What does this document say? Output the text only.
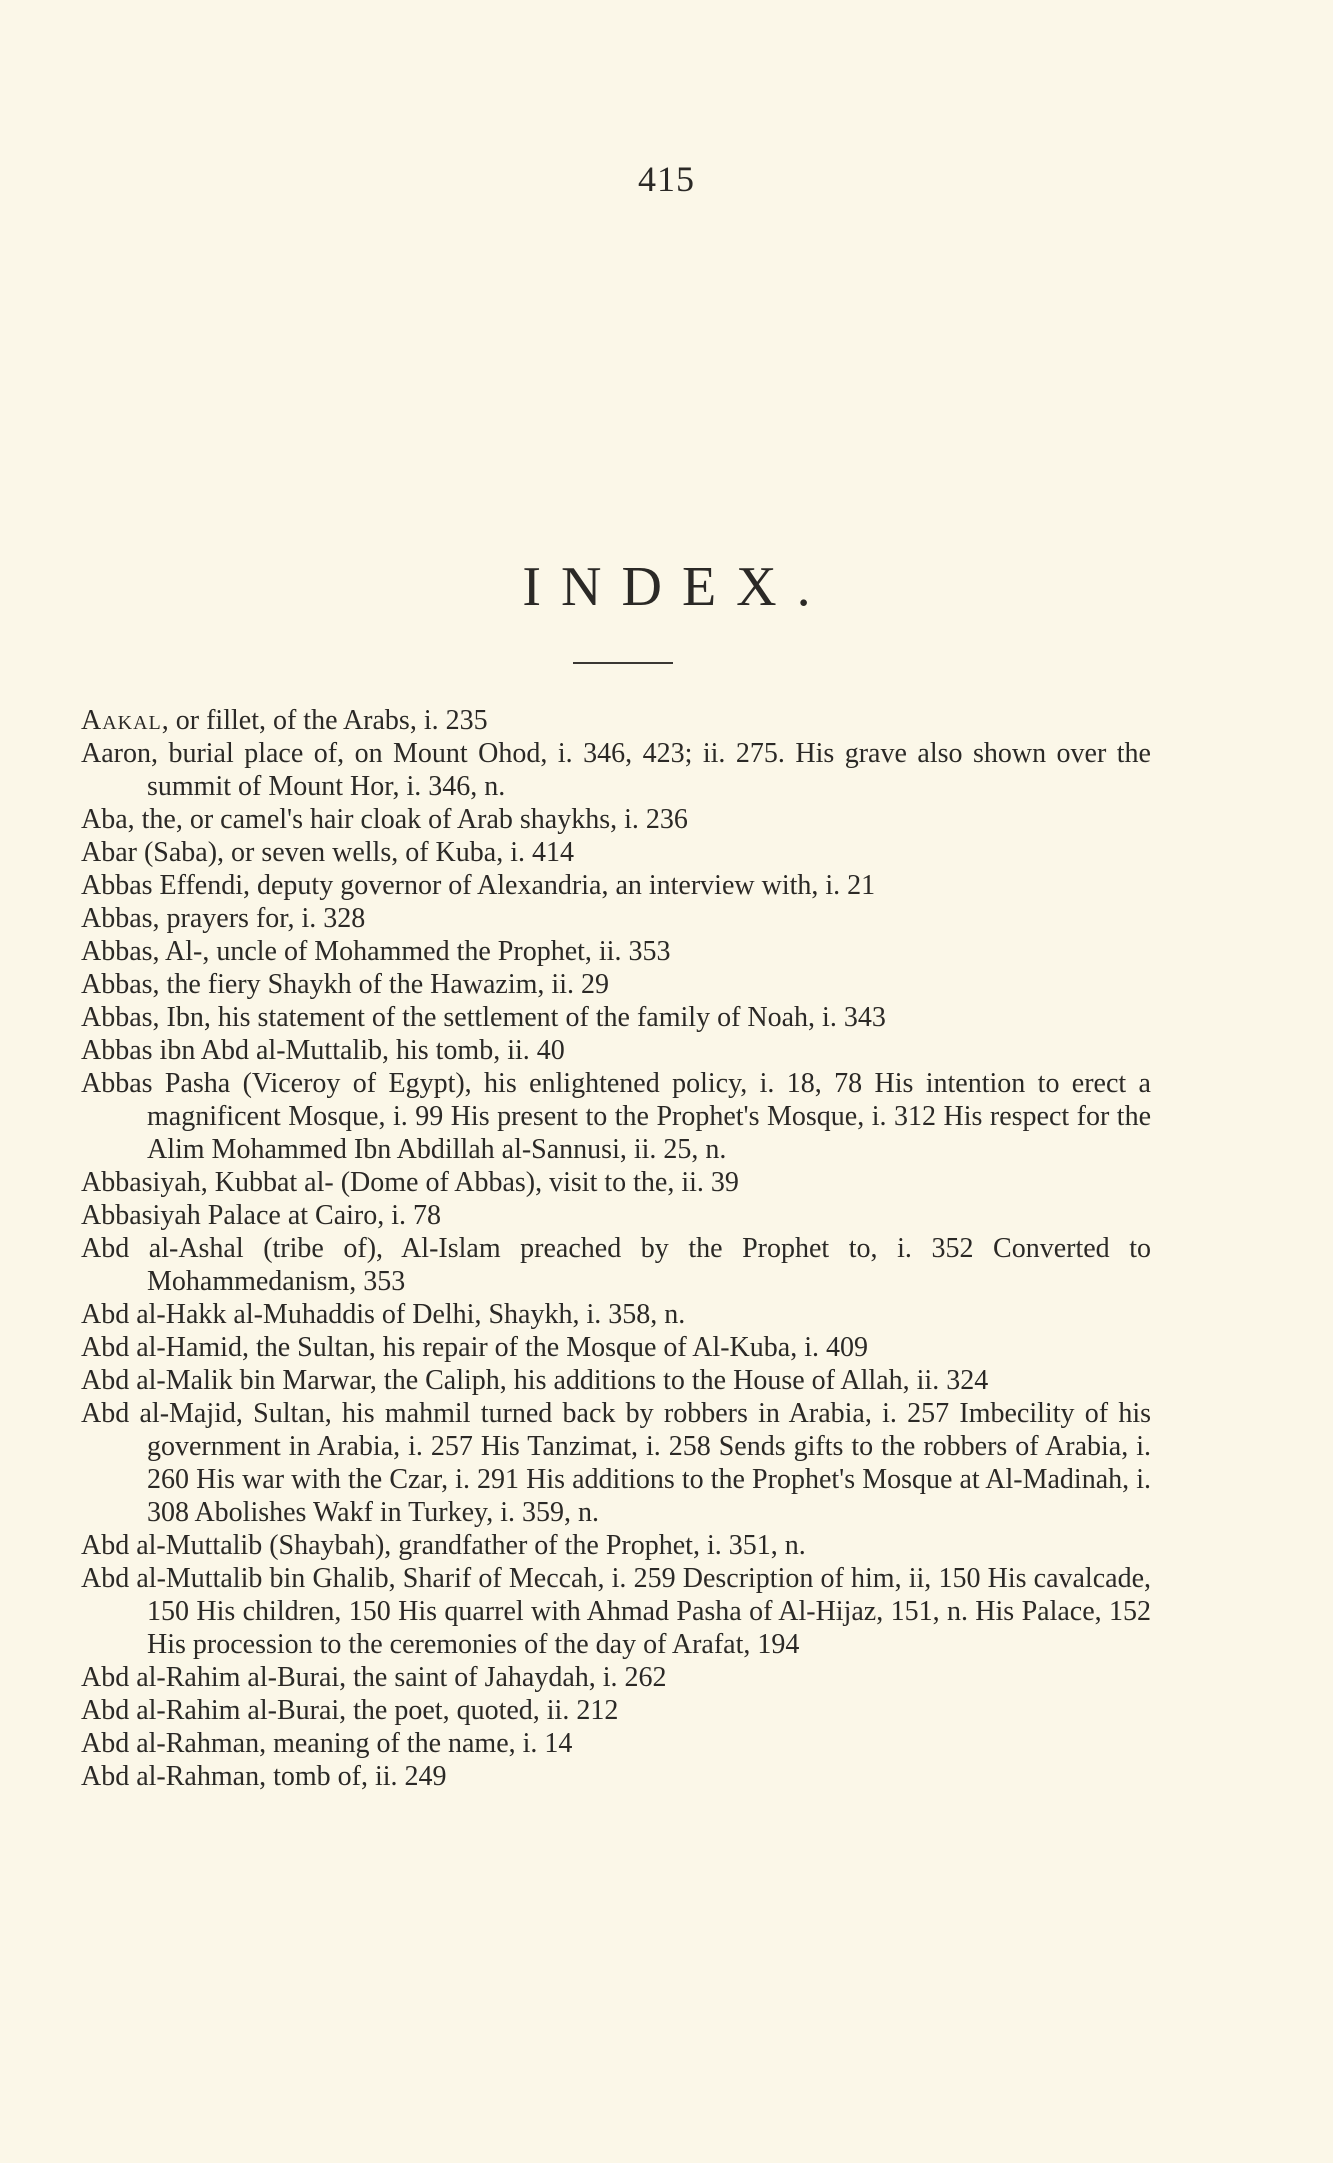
415
INDEX.
Aakal, or fillet, of the Arabs, i. 235
Aaron, burial place of, on Mount Ohod, i. 346, 423; ii. 275. His grave also shown over the summit of Mount Hor, i. 346, n.
Aba, the, or camel's hair cloak of Arab shaykhs, i. 236
Abar (Saba), or seven wells, of Kuba, i. 414
Abbas Effendi, deputy governor of Alexandria, an interview with, i. 21
Abbas, prayers for, i. 328
Abbas, Al-, uncle of Mohammed the Prophet, ii. 353
Abbas, the fiery Shaykh of the Hawazim, ii. 29
Abbas, Ibn, his statement of the settlement of the family of Noah, i. 343
Abbas ibn Abd al-Muttalib, his tomb, ii. 40
Abbas Pasha (Viceroy of Egypt), his enlightened policy, i. 18, 78 His intention to erect a magnificent Mosque, i. 99 His present to the Prophet's Mosque, i. 312 His respect for the Alim Mohammed Ibn Abdillah al-Sannusi, ii. 25, n.
Abbasiyah, Kubbat al- (Dome of Abbas), visit to the, ii. 39
Abbasiyah Palace at Cairo, i. 78
Abd al-Ashal (tribe of), Al-Islam preached by the Prophet to, i. 352 Converted to Mohammedanism, 353
Abd al-Hakk al-Muhaddis of Delhi, Shaykh, i. 358, n.
Abd al-Hamid, the Sultan, his repair of the Mosque of Al-Kuba, i. 409
Abd al-Malik bin Marwar, the Caliph, his additions to the House of Allah, ii. 324
Abd al-Majid, Sultan, his mahmil turned back by robbers in Arabia, i. 257 Imbecility of his government in Arabia, i. 257 His Tanzimat, i. 258 Sends gifts to the robbers of Arabia, i. 260 His war with the Czar, i. 291 His additions to the Prophet's Mosque at Al-Madinah, i. 308 Abolishes Wakf in Turkey, i. 359, n.
Abd al-Muttalib (Shaybah), grandfather of the Prophet, i. 351, n.
Abd al-Muttalib bin Ghalib, Sharif of Meccah, i. 259 Description of him, ii, 150 His cavalcade, 150 His children, 150 His quarrel with Ahmad Pasha of Al-Hijaz, 151, n. His Palace, 152 His procession to the ceremonies of the day of Arafat, 194
Abd al-Rahim al-Burai, the saint of Jahaydah, i. 262
Abd al-Rahim al-Burai, the poet, quoted, ii. 212
Abd al-Rahman, meaning of the name, i. 14
Abd al-Rahman, tomb of, ii. 249
